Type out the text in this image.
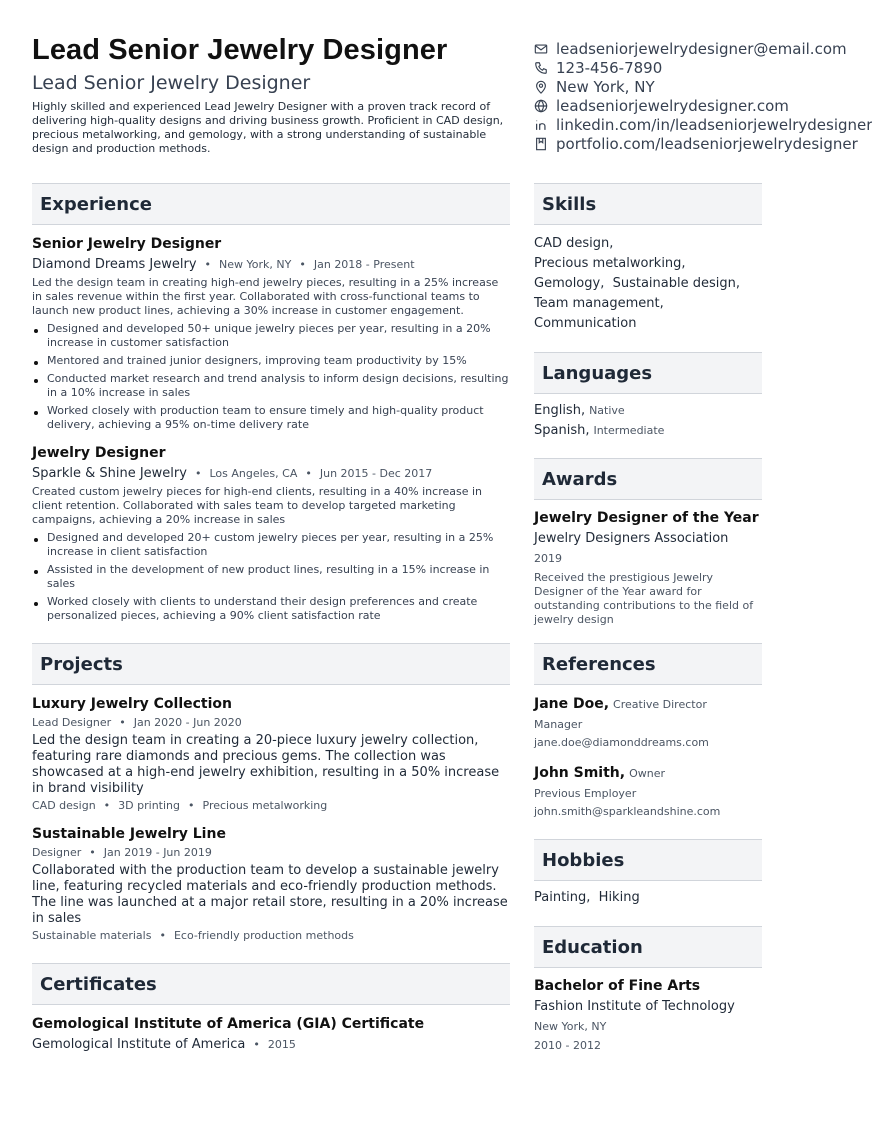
Lead Senior Jewelry Designer
Lead Senior Jewelry Designer
Highly skilled and experienced Lead Jewelry Designer with a proven track record of delivering high-quality designs and driving business growth. Proficient in CAD design, precious metalworking, and gemology, with a strong understanding of sustainable design and production methods.
leadseniorjewelrydesigner@email.com
123-456-7890
New York, NY
leadseniorjewelrydesigner.com
linkedin.com/in/leadseniorjewelrydesigner
portfolio.com/leadseniorjewelrydesigner
Experience
Senior Jewelry Designer
Diamond Dreams Jewelry • New York, NY • Jan 2018 - Present
Led the design team in creating high-end jewelry pieces, resulting in a 25% increase in sales revenue within the first year. Collaborated with cross-functional teams to launch new product lines, achieving a 30% increase in customer engagement.
Designed and developed 50+ unique jewelry pieces per year, resulting in a 20% increase in customer satisfaction
Mentored and trained junior designers, improving team productivity by 15%
Conducted market research and trend analysis to inform design decisions, resulting in a 10% increase in sales
Worked closely with production team to ensure timely and high-quality product delivery, achieving a 95% on-time delivery rate
Jewelry Designer
Sparkle & Shine Jewelry • Los Angeles, CA • Jun 2015 - Dec 2017
Created custom jewelry pieces for high-end clients, resulting in a 40% increase in client retention. Collaborated with sales team to develop targeted marketing campaigns, achieving a 20% increase in sales
Designed and developed 20+ custom jewelry pieces per year, resulting in a 25% increase in client satisfaction
Assisted in the development of new product lines, resulting in a 15% increase in sales
Worked closely with clients to understand their design preferences and create personalized pieces, achieving a 90% client satisfaction rate
Projects
Luxury Jewelry Collection
Lead Designer • Jan 2020 - Jun 2020
Led the design team in creating a 20-piece luxury jewelry collection, featuring rare diamonds and precious gems. The collection was showcased at a high-end jewelry exhibition, resulting in a 50% increase in brand visibility
CAD design • 3D printing • Precious metalworking
Sustainable Jewelry Line
Designer • Jan 2019 - Jun 2019
Collaborated with the production team to develop a sustainable jewelry line, featuring recycled materials and eco-friendly production methods. The line was launched at a major retail store, resulting in a 20% increase in sales
Sustainable materials • Eco-friendly production methods
Certificates
Gemological Institute of America (GIA) Certificate
Gemological Institute of America • 2015
Skills
CAD design,
Precious metalworking,
Gemology, Sustainable design,
Team management,
Communication
Languages
English, Native
Spanish, Intermediate
Awards
Jewelry Designer of the Year
Jewelry Designers Association
2019
Received the prestigious Jewelry Designer of the Year award for outstanding contributions to the field of jewelry design
References
Jane Doe, Creative Director
Manager
jane.doe@diamonddreams.com
John Smith, Owner
Previous Employer
john.smith@sparkleandshine.com
Hobbies
Painting, Hiking
Education
Bachelor of Fine Arts
Fashion Institute of Technology
New York, NY
2010 - 2012
